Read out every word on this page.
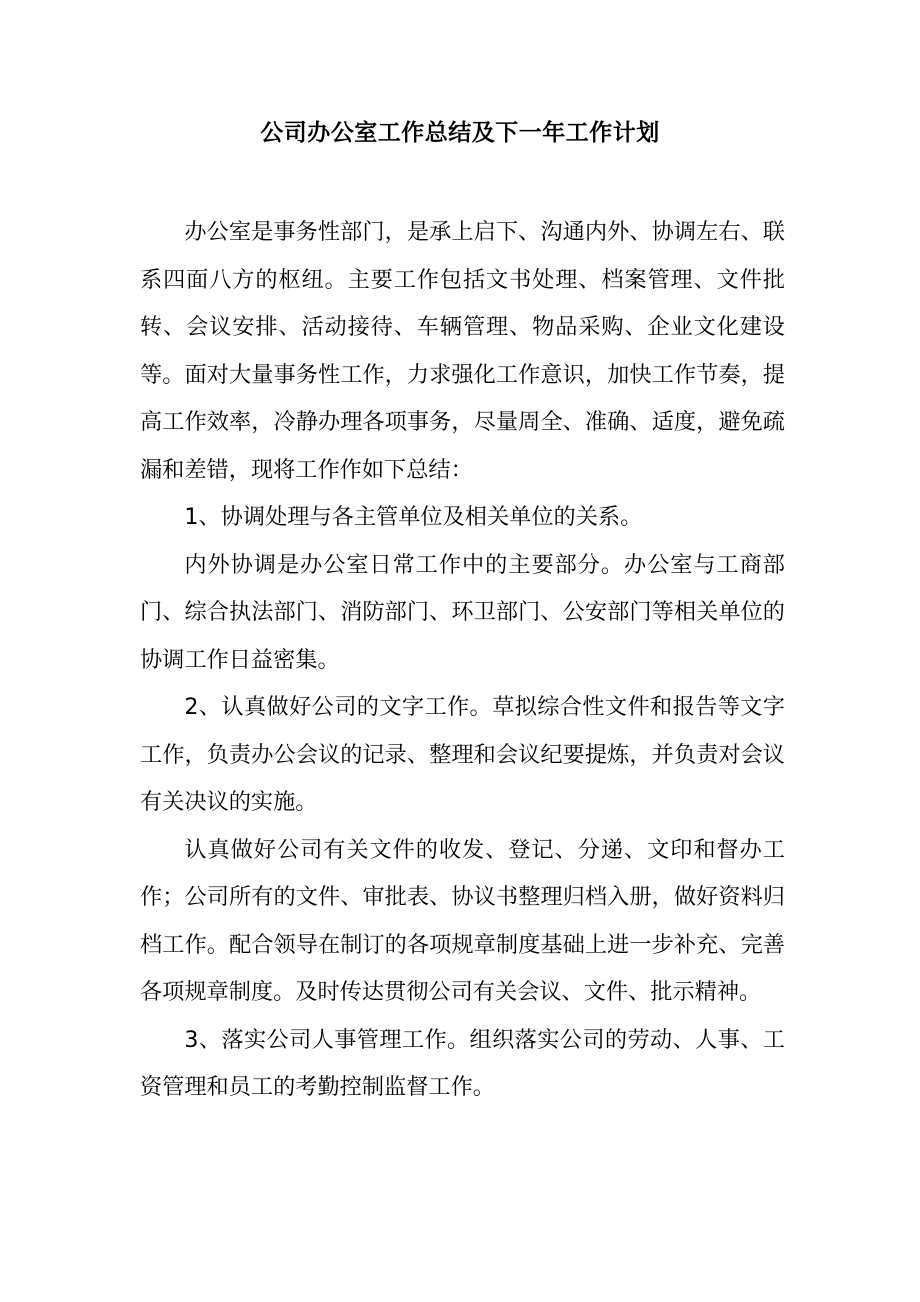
公司办公室工作总结及下一年工作计划

办公室是事务性部门，是承上启下、沟通内外、协调左右、联系四面八方的枢纽。主要工作包括文书处理、档案管理、文件批转、会议安排、活动接待、车辆管理、物品采购、企业文化建设等。面对大量事务性工作，力求强化工作意识，加快工作节奏，提高工作效率，冷静办理各项事务，尽量周全、准确、适度，避免疏漏和差错，现将工作作如下总结：

1、协调处理与各主管单位及相关单位的关系。

内外协调是办公室日常工作中的主要部分。办公室与工商部门、综合执法部门、消防部门、环卫部门、公安部门等相关单位的协调工作日益密集。

2、认真做好公司的文字工作。草拟综合性文件和报告等文字工作，负责办公会议的记录、整理和会议纪要提炼，并负责对会议有关决议的实施。

认真做好公司有关文件的收发、登记、分递、文印和督办工作；公司所有的文件、审批表、协议书整理归档入册，做好资料归档工作。配合领导在制订的各项规章制度基础上进一步补充、完善各项规章制度。及时传达贯彻公司有关会议、文件、批示精神。

3、落实公司人事管理工作。组织落实公司的劳动、人事、工资管理和员工的考勤控制监督工作。
